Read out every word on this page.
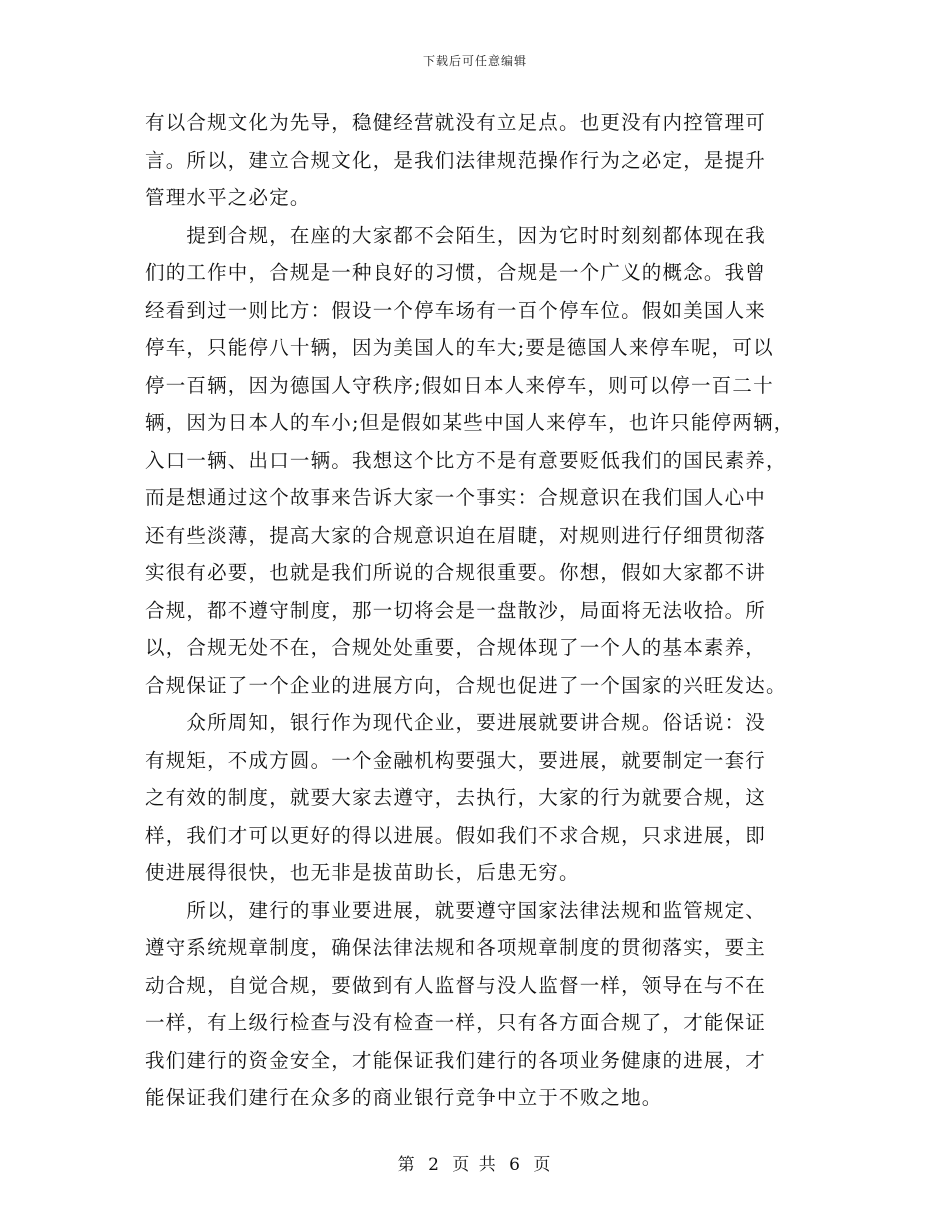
下载后可任意编辑
有以合规文化为先导，稳健经营就没有立足点。也更没有内控管理可
言。所以，建立合规文化，是我们法律规范操作行为之必定，是提升
管理水平之必定。
　　提到合规，在座的大家都不会陌生，因为它时时刻刻都体现在我
们的工作中，合规是一种良好的习惯，合规是一个广义的概念。我曾
经看到过一则比方：假设一个停车场有一百个停车位。假如美国人来
停车，只能停八十辆，因为美国人的车大;要是德国人来停车呢，可以
停一百辆，因为德国人守秩序;假如日本人来停车，则可以停一百二十
辆，因为日本人的车小;但是假如某些中国人来停车，也许只能停两辆，
入口一辆、出口一辆。我想这个比方不是有意要贬低我们的国民素养，
而是想通过这个故事来告诉大家一个事实：合规意识在我们国人心中
还有些淡薄，提高大家的合规意识迫在眉睫，对规则进行仔细贯彻落
实很有必要，也就是我们所说的合规很重要。你想，假如大家都不讲
合规，都不遵守制度，那一切将会是一盘散沙，局面将无法收拾。所
以，合规无处不在，合规处处重要，合规体现了一个人的基本素养，
合规保证了一个企业的进展方向，合规也促进了一个国家的兴旺发达。
　　众所周知，银行作为现代企业，要进展就要讲合规。俗话说：没
有规矩，不成方圆。一个金融机构要强大，要进展，就要制定一套行
之有效的制度，就要大家去遵守，去执行，大家的行为就要合规，这
样，我们才可以更好的得以进展。假如我们不求合规，只求进展，即
使进展得很快，也无非是拔苗助长，后患无穷。
　　所以，建行的事业要进展，就要遵守国家法律法规和监管规定、
遵守系统规章制度，确保法律法规和各项规章制度的贯彻落实，要主
动合规，自觉合规，要做到有人监督与没人监督一样，领导在与不在
一样，有上级行检查与没有检查一样，只有各方面合规了，才能保证
我们建行的资金安全，才能保证我们建行的各项业务健康的进展，才
能保证我们建行在众多的商业银行竞争中立于不败之地。
第 2 页 共 6 页
